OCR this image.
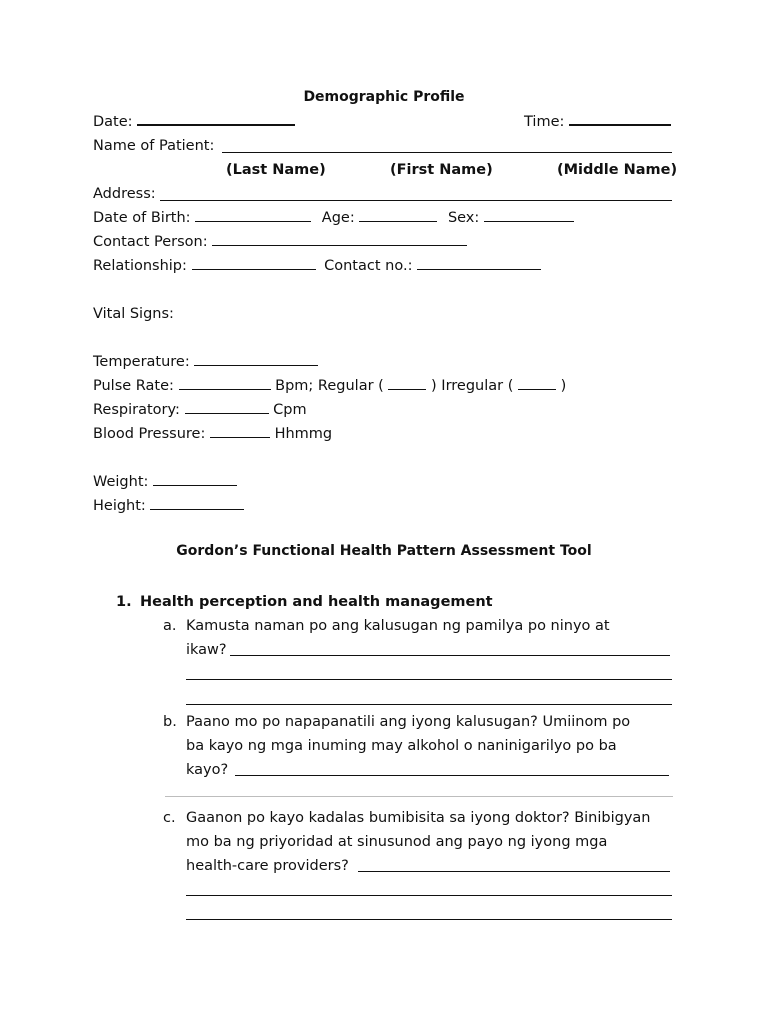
Demographic Profile
Date:	Time:
Name of Patient:
(Last Name)	(First Name)	(Middle Name)
Address:
Date of Birth:	Age:	Sex:
Contact Person:
Relationship:	Contact no.:
Vital Signs:
Temperature:
Pulse Rate:	Bpm; Regular (	) Irregular (	)
Respiratory:	Cpm
Blood Pressure:	Hhmmg
Weight:
Height:
Gordon’s Functional Health Pattern Assessment Tool
1. Health perception and health management
a. Kamusta naman po ang kalusugan ng pamilya po ninyo at
ikaw?
b. Paano mo po napapanatili ang iyong kalusugan? Umiinom po
ba kayo ng mga inuming may alkohol o naninigarilyo po ba
kayo?
c. Gaanon po kayo kadalas bumibisita sa iyong doktor? Binibigyan
mo ba ng priyoridad at sinusunod ang payo ng iyong mga
health-care providers?
